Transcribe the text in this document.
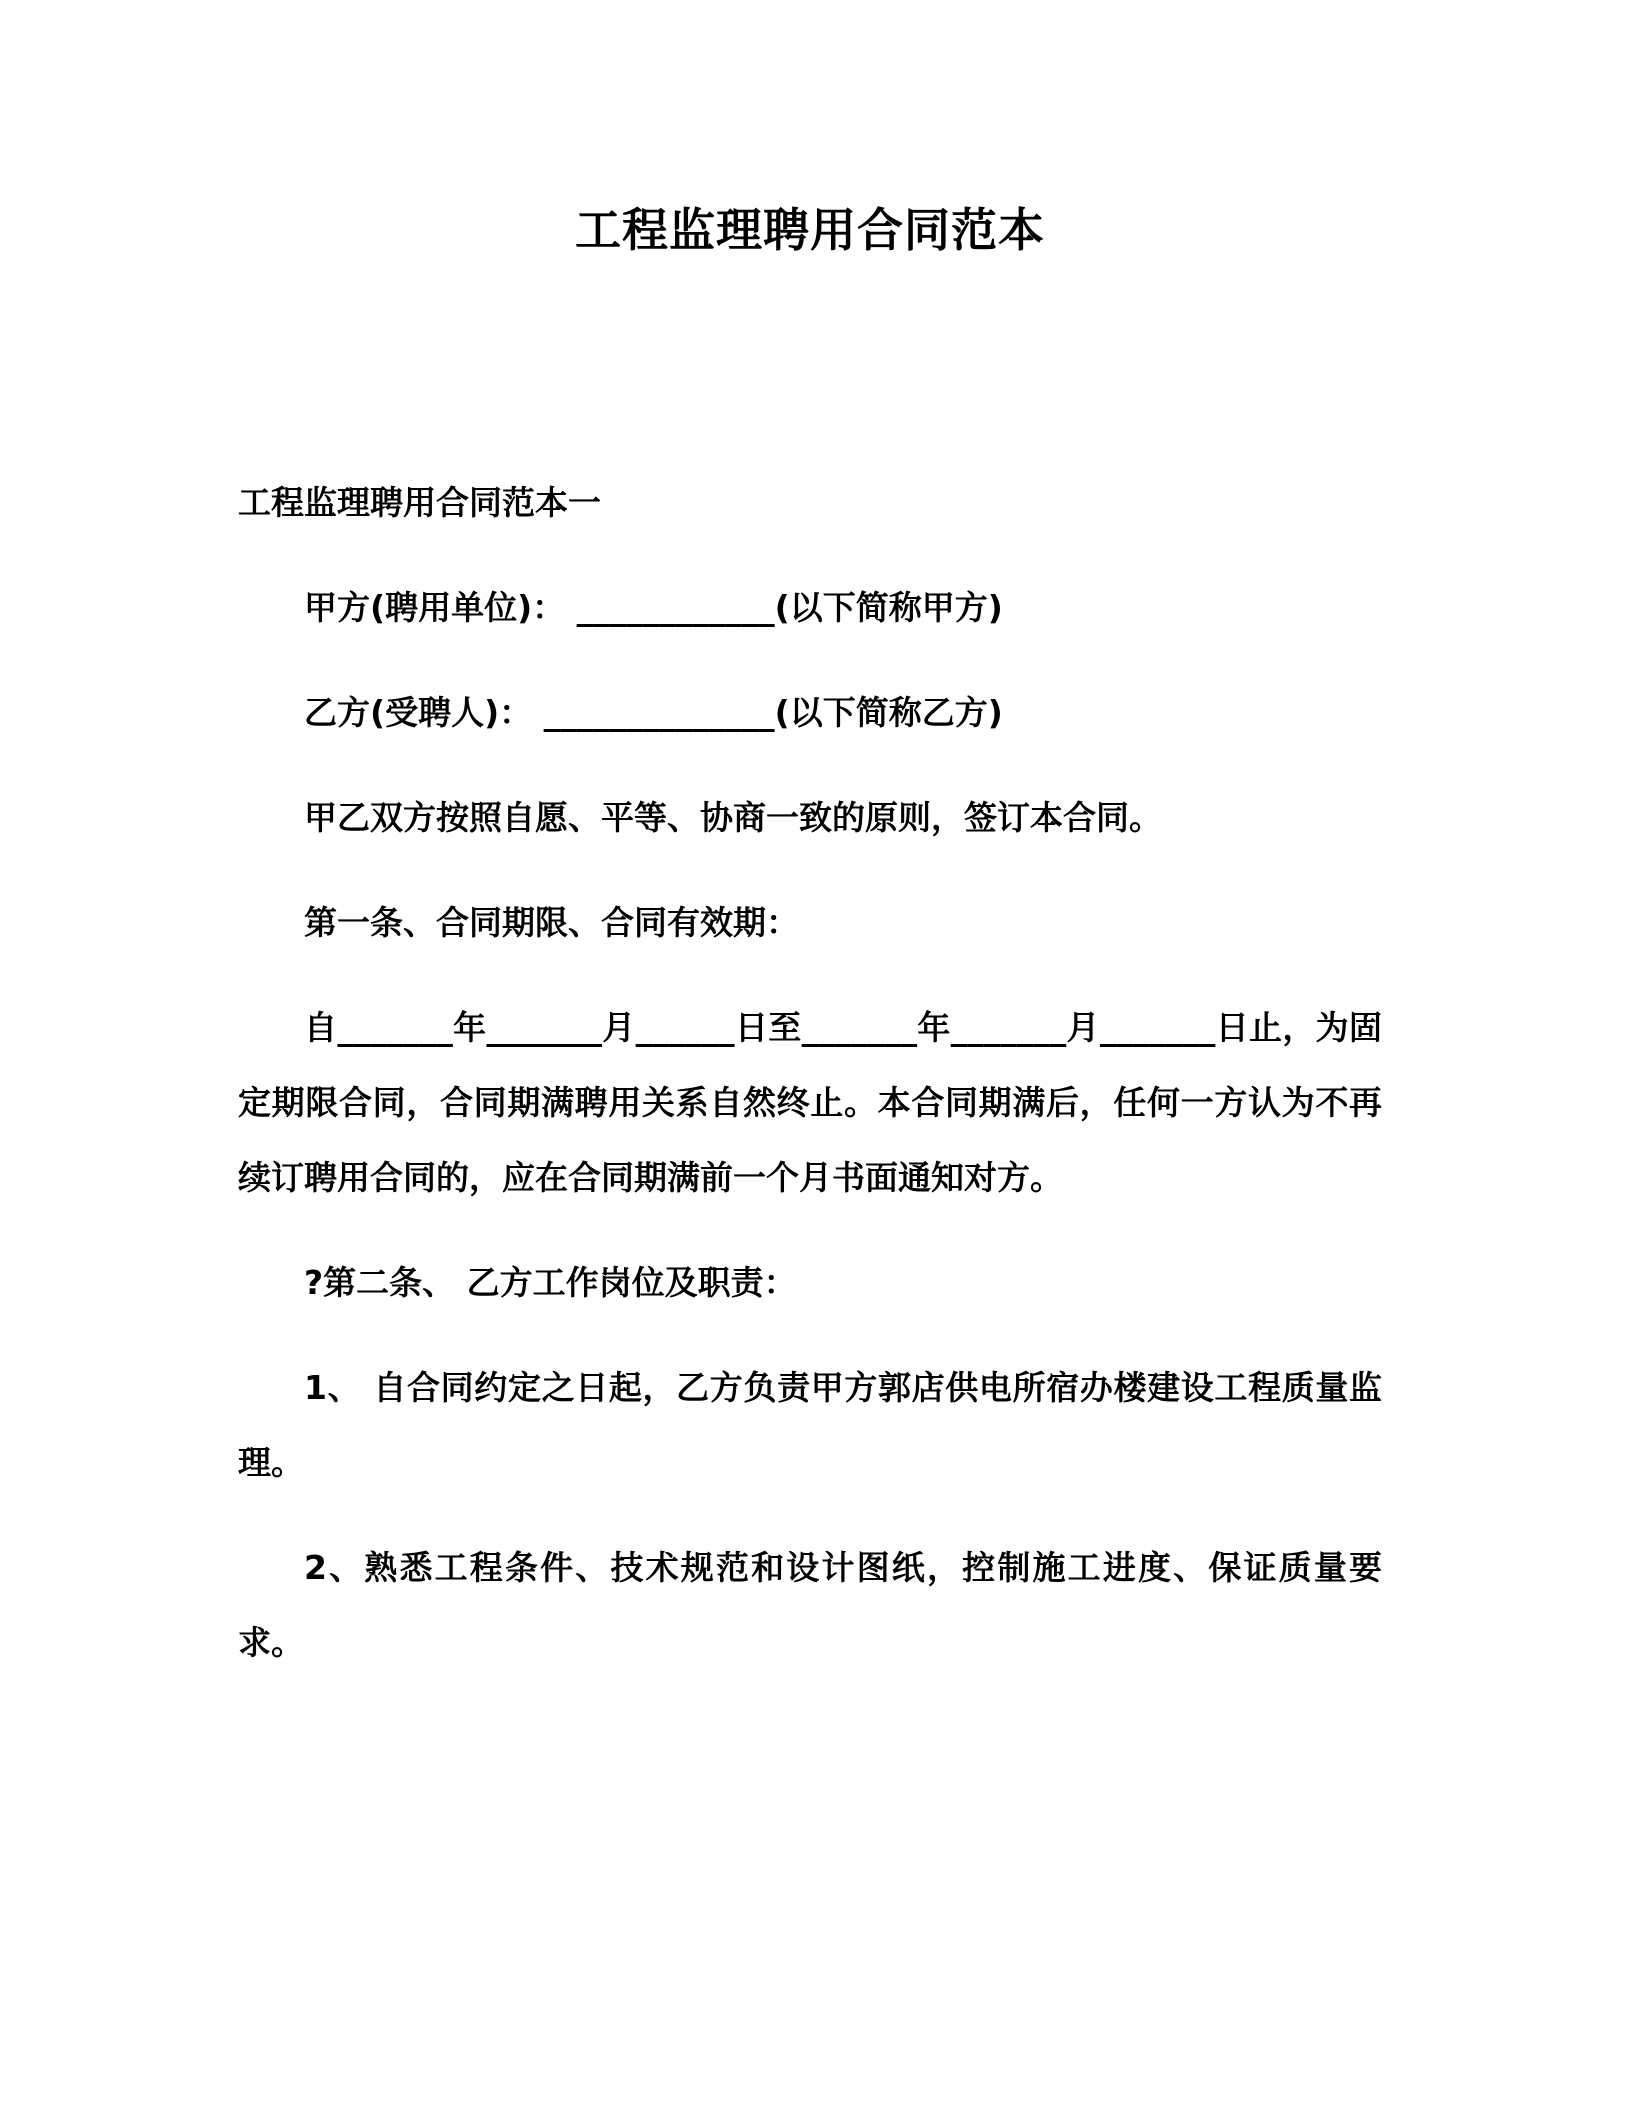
工程监理聘用合同范本

工程监理聘用合同范本一

甲方(聘用单位)： ____________(以下简称甲方)

乙方(受聘人)： ______________(以下简称乙方)

甲乙双方按照自愿、平等、协商一致的原则，签订本合同。

第一条、合同期限、合同有效期：

自_______年_______月______日至_______年_______月_______日止，为固定期限合同，合同期满聘用关系自然终止。本合同期满后，任何一方认为不再续订聘用合同的，应在合同期满前一个月书面通知对方。

?第二条、 乙方工作岗位及职责：

1、 自合同约定之日起，乙方负责甲方郭店供电所宿办楼建设工程质量监理。

2、熟悉工程条件、技术规范和设计图纸，控制施工进度、保证质量要求。
